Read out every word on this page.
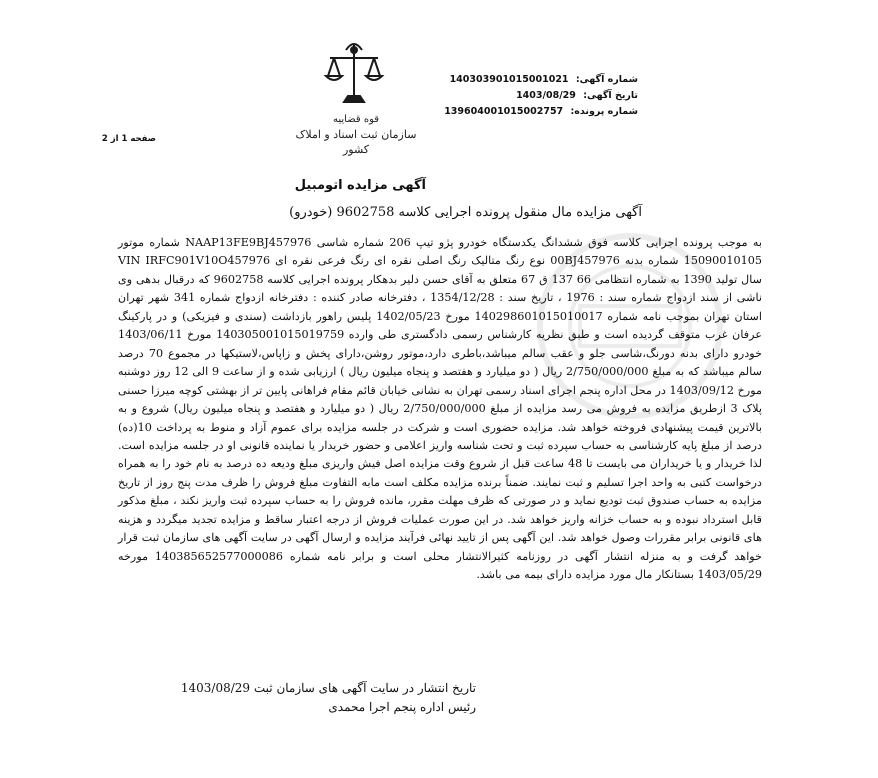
قوه قضاییه
سازمان ثبت اسناد و املاک کشور
شماره آگهی: 140303901015001021
تاریخ آگهی: 1403/08/29
شماره پرونده: 139604001015002757
صفحه 1 از 2
آگهی مزایده اتومبیل
آگهی مزایده مال منقول پرونده اجرایی کلاسه 9602758 (خودرو)
به موجب پرونده اجرایی کلاسه فوق ششدانگ یکدستگاه خودرو پژو تیپ 206 شماره شاسی NAAP13FE9BJ457976 شماره موتور 15090010105 شماره بدنه 00BJ457976 نوع رنگ متالیک رنگ اصلی نقره ای رنگ فرعی نقره ای VIN IRFC901V10O457976 سال تولید 1390 به شماره انتظامی 66 137 ق 67 متعلق به آقای حسن دلیر بدهکار پرونده اجرایی کلاسه 9602758 که درقبال بدهی وی ناشی از سند ازدواج شماره سند : 1976 ، تاریخ سند : 1354/12/28 ، دفترخانه صادر کننده : دفترخانه ازدواج شماره 341 شهر تهران استان تهران بموجب نامه شماره 140298601015010017 مورخ 1402/05/23 پلیس راهور بازداشت (سندی و فیزیکی) و در پارکینگ عرفان غرب متوقف گردیده است و طبق نظریه کارشناس رسمی دادگستری طی وارده 140305001015019759 مورخ 1403/06/11 خودرو دارای بدنه دورنگ،شاسی جلو و عقب سالم میباشد،باطری دارد،موتور روشن،دارای پخش و زاپاس،لاستیکها در مجموع 70 درصد سالم میباشد که به مبلغ 2/750/000/000 ریال ( دو میلیارد و هفتصد و پنجاه میلیون ریال ) ارزیابی شده و از ساعت 9 الی 12 روز دوشنبه مورخ 1403/09/12 در محل اداره پنجم اجرای اسناد رسمی تهران به نشانی خیابان قائم مقام فراهانی پایین تر از بهشتی کوچه میرزا حسنی پلاک 3 ازطریق مزایده به فروش می رسد مزایده از مبلغ 2/750/000/000 ریال ( دو میلیارد و هفتصد و پنجاه میلیون ریال) شروع و به بالاترین قیمت پیشنهادی فروخته خواهد شد. مزایده حضوری است و شرکت در جلسه مزایده برای عموم آزاد و منوط به پرداخت 10(ده) درصد از مبلغ پایه کارشناسی به حساب سپرده ثبت و تحت شناسه واریز اعلامی و حضور خریدار یا نماینده قانونی او در جلسه مزایده است. لذا خریدار و یا خریداران می بایست تا 48 ساعت قبل از شروع وقت مزایده اصل فیش واریزی مبلغ ودیعه ده درصد به نام خود را به همراه درخواست کتبی به واحد اجرا تسلیم و ثبت نمایند. ضمناً برنده مزایده مکلف است مابه التفاوت مبلغ فروش را ظرف مدت پنج روز از تاریخ مزایده به حساب صندوق ثبت تودیع نماید و در صورتی که ظرف مهلت مقرر، مانده فروش را به حساب سپرده ثبت واریز نکند ، مبلغ مذکور قابل استرداد نبوده و به حساب خزانه واریز خواهد شد. در این صورت عملیات فروش از درجه اعتبار ساقط و مزایده تجدید میگردد و هزینه های قانونی برابر مقررات وصول خواهد شد. این آگهی پس از تایید نهائی فرآیند مزایده و ارسال آگهی در سایت آگهی های سازمان ثبت قرار خواهد گرفت و به منزله انتشار آگهی در روزنامه کثیرالانتشار محلی است و برابر نامه شماره 140385652577000086 مورخه 1403/05/29 بستانکار مال مورد مزایده دارای بیمه می باشد.
تاریخ انتشار در سایت آگهی های سازمان ثبت 1403/08/29
رئیس اداره پنجم اجرا محمدی
